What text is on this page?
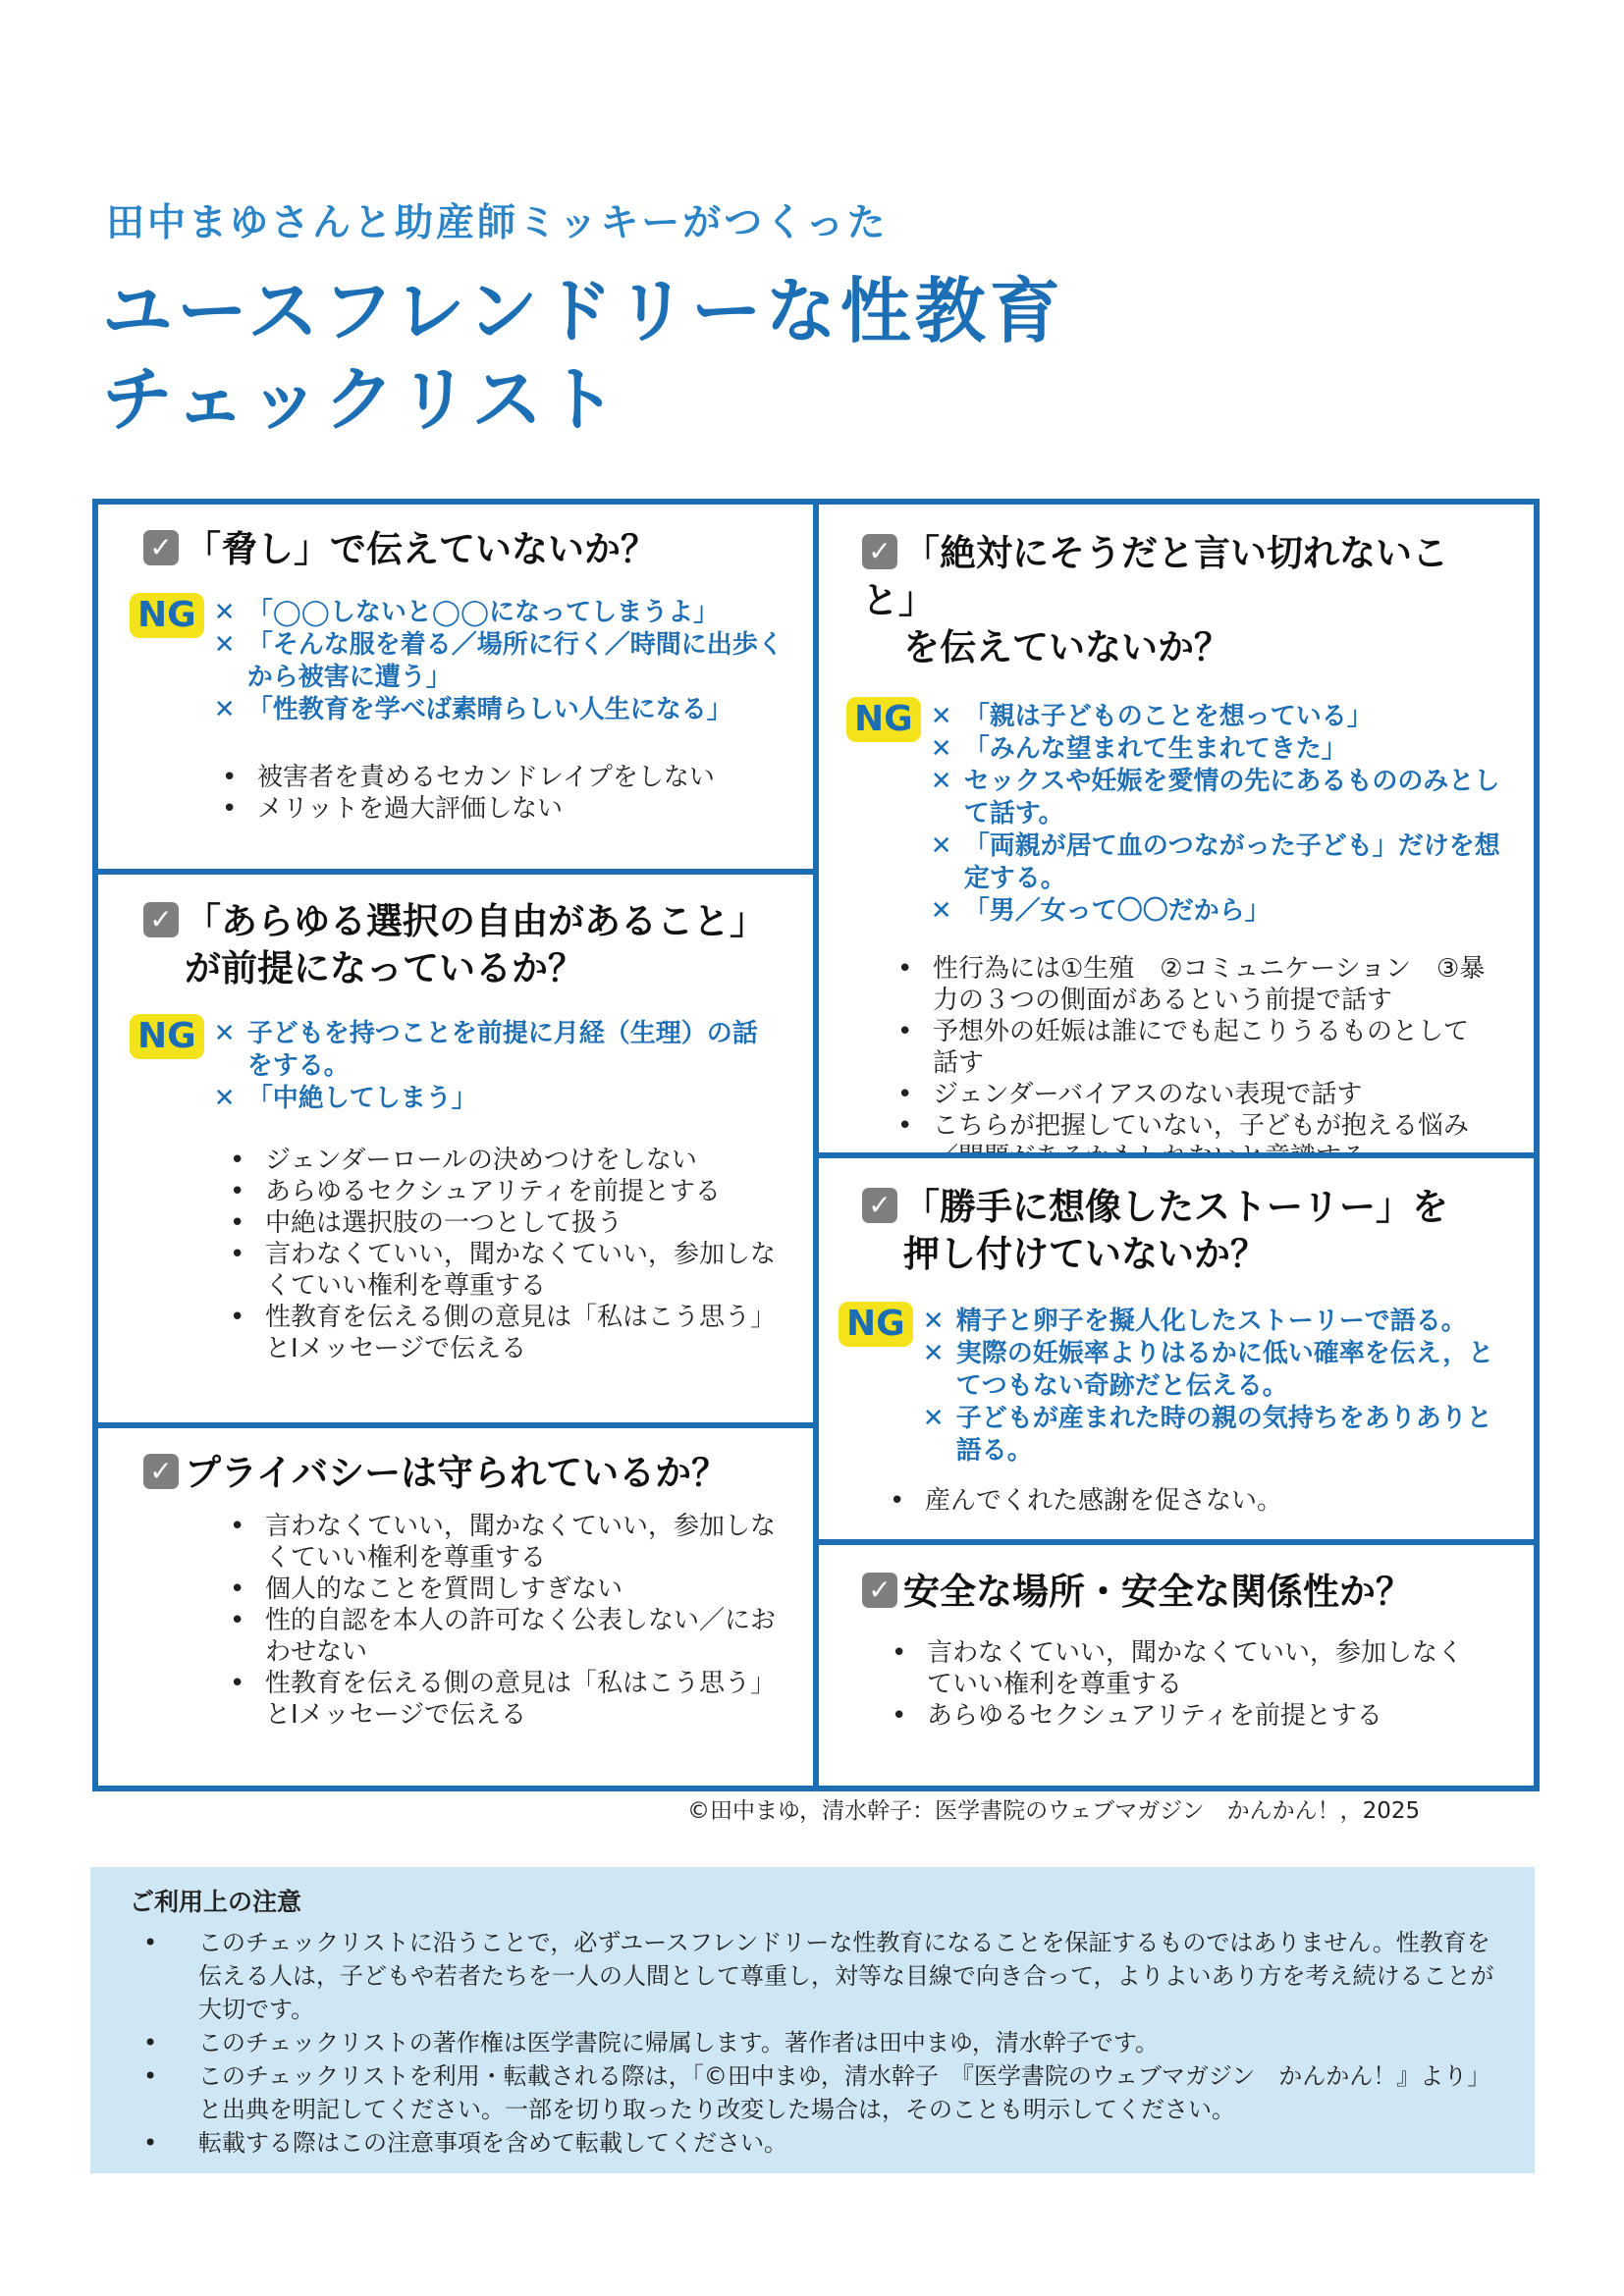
田中まゆさんと助産師ミッキーがつくった

ユースフレンドリーな性教育
チェックリスト

✓ 「脅し」で伝えていないか？

NG ✕ 「◯◯しないと◯◯になってしまうよ」
✕ 「そんな服を着る／場所に行く／時間に出歩くから被害に遭う」
✕ 「性教育を学べば素晴らしい人生になる」
• 被害者を責めるセカンドレイプをしない
• メリットを過大評価しない

✓ 「あらゆる選択の自由があること」
が前提になっているか？

NG ✕ 子どもを持つことを前提に月経（生理）の話をする。
✕ 「中絶してしまう」
• ジェンダーロールの決めつけをしない
• あらゆるセクシュアリティを前提とする
• 中絶は選択肢の一つとして扱う
• 言わなくていい，聞かなくていい，参加しなくていい権利を尊重する
• 性教育を伝える側の意見は「私はこう思う」とIメッセージで伝える

✓ プライバシーは守られているか？

• 言わなくていい，聞かなくていい，参加しなくていい権利を尊重する
• 個人的なことを質問しすぎない
• 性的自認を本人の許可なく公表しない／におわせない
• 性教育を伝える側の意見は「私はこう思う」とIメッセージで伝える

✓ 「絶対にそうだと言い切れないこと」
を伝えていないか？

NG ✕ 「親は子どものことを想っている」
✕ 「みんな望まれて生まれてきた」
✕ セックスや妊娠を愛情の先にあるもののみとして話す。
✕ 「両親が居て血のつながった子ども」だけを想定する。
✕ 「男／女って〇〇だから」
• 性行為には①生殖　②コミュニケーション　③暴力の３つの側面があるという前提で話す
• 予想外の妊娠は誰にでも起こりうるものとして話す
• ジェンダーバイアスのない表現で話す
• こちらが把握していない，子どもが抱える悩み

✓ 「勝手に想像したストーリー」を
押し付けていないか？

NG ✕ 精子と卵子を擬人化したストーリーで語る。
✕ 実際の妊娠率よりはるかに低い確率を伝え，とてつもない奇跡だと伝える。
✕ 子どもが産まれた時の親の気持ちをありありと語る。
• 産んでくれた感謝を促さない。

✓ 安全な場所・安全な関係性か？

• 言わなくていい，聞かなくていい，参加しなくていい権利を尊重する
• あらゆるセクシュアリティを前提とする
©田中まゆ，清水幹子：医学書院のウェブマガジン　かんかん！，2025

ご利用上の注意

• このチェックリストに沿うことで，必ずユースフレンドリーな性教育になることを保証するものではありません。性教育を伝える人は，子どもや若者たちを一人の人間として尊重し，対等な目線で向き合って，よりよいあり方を考え続けることが大切です。
• このチェックリストの著作権は医学書院に帰属します。著作者は田中まゆ，清水幹子です。
• このチェックリストを利用・転載される際は，「©田中まゆ，清水幹子　『医学書院のウェブマガジン　かんかん！』より」と出典を明記してください。一部を切り取ったり改変した場合は，そのことも明示してください。
• 転載する際はこの注意事項を含めて転載してください。
